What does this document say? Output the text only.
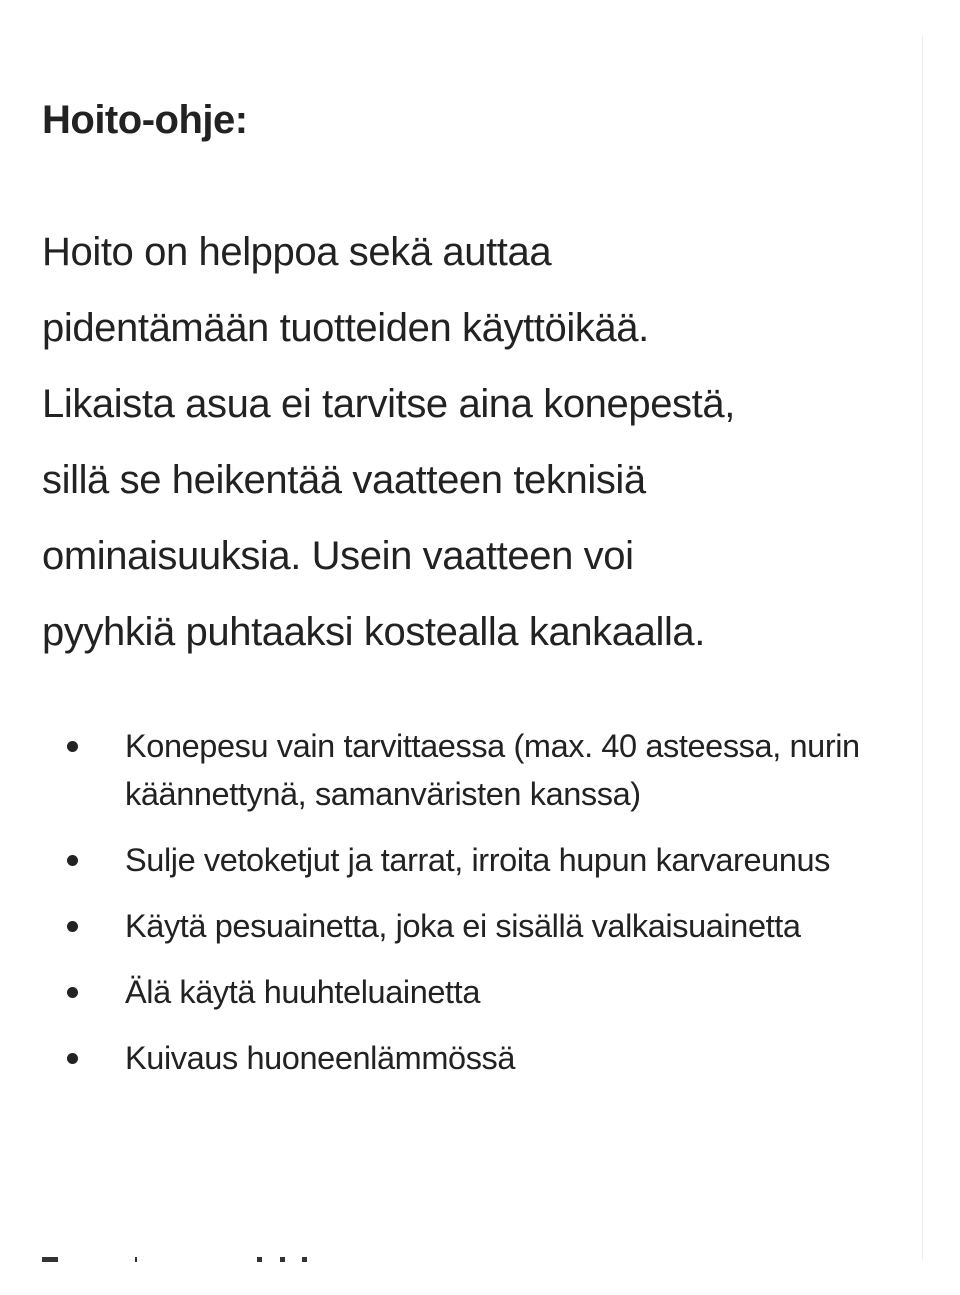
Hoito-ohje:

Hoito on helppoa sekä auttaa
pidentämään tuotteiden käyttöikää.
Likaista asua ei tarvitse aina konepestä,
sillä se heikentää vaatteen teknisiä
ominaisuuksia. Usein vaatteen voi
pyyhkiä puhtaaksi kostealla kankaalla.

Konepesu vain tarvittaessa (max. 40 asteessa, nurin käännettynä, samanväristen kanssa)
Sulje vetoketjut ja tarrat, irroita hupun karvareunus
Käytä pesuainetta, joka ei sisällä valkaisuainetta
Älä käytä huuhteluainetta
Kuivaus huoneenlämmössä
